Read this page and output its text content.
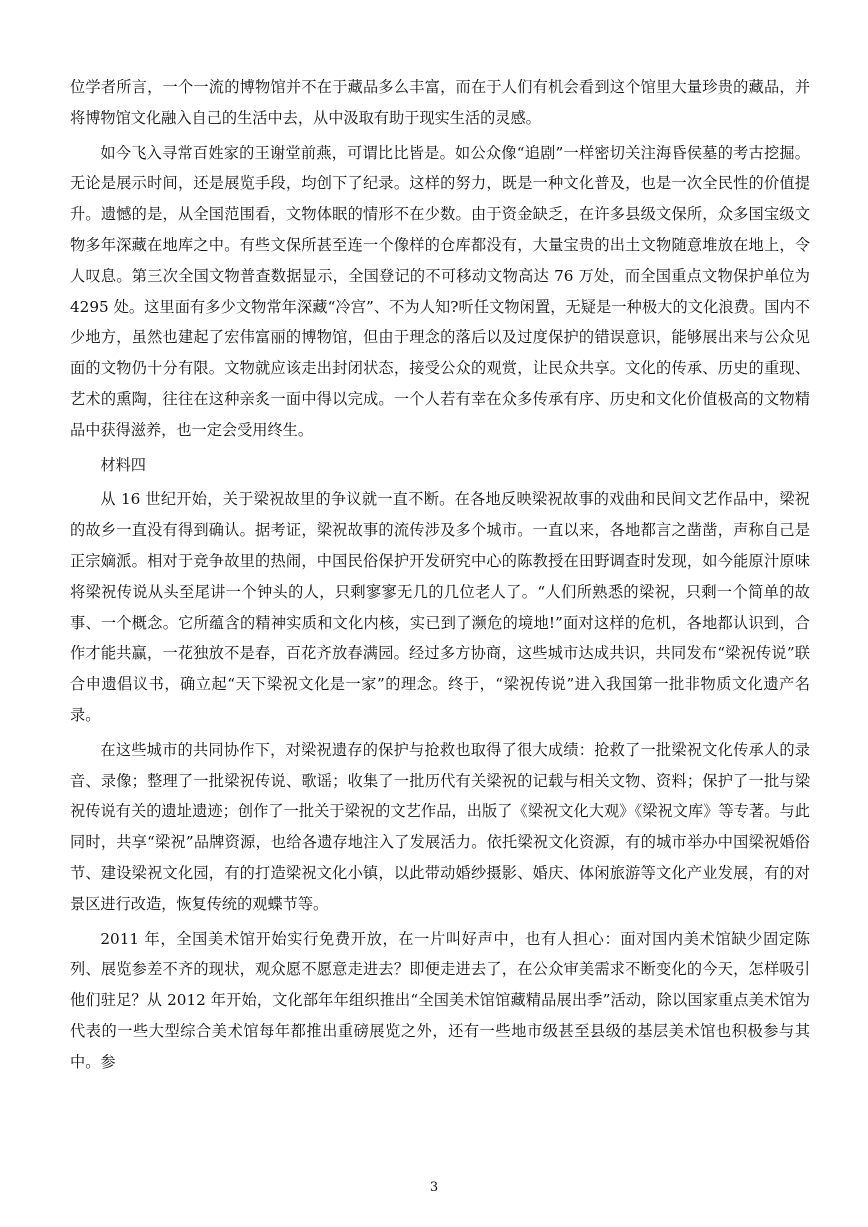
位学者所言，一个一流的博物馆并不在于藏品多么丰富，而在于人们有机会看到这个馆里大量珍贵的藏品，并将博物馆文化融入自己的生活中去，从中汲取有助于现实生活的灵感。

如今飞入寻常百姓家的王谢堂前燕，可谓比比皆是。如公众像“追剧”一样密切关注海昏侯墓的考古挖掘。无论是展示时间，还是展览手段，均创下了纪录。这样的努力，既是一种文化普及，也是一次全民性的价值提升。遗憾的是，从全国范围看，文物体眠的情形不在少数。由于资金缺乏，在许多县级文保所，众多国宝级文物多年深藏在地库之中。有些文保所甚至连一个像样的仓库都没有，大量宝贵的出土文物随意堆放在地上，令人叹息。第三次全国文物普查数据显示，全国登记的不可移动文物高达 76 万处，而全国重点文物保护单位为 4295 处。这里面有多少文物常年深藏“冷宫”、不为人知?听任文物闲置，无疑是一种极大的文化浪费。国内不少地方，虽然也建起了宏伟富丽的博物馆，但由于理念的落后以及过度保护的错误意识，能够展出来与公众见面的文物仍十分有限。文物就应该走出封闭状态，接受公众的观赏，让民众共享。文化的传承、历史的重现、艺术的熏陶，往往在这种亲炙一面中得以完成。一个人若有幸在众多传承有序、历史和文化价值极高的文物精品中获得滋养，也一定会受用终生。

材料四

从 16 世纪开始，关于梁祝故里的争议就一直不断。在各地反映梁祝故事的戏曲和民间文艺作品中，梁祝的故乡一直没有得到确认。据考证，梁祝故事的流传涉及多个城市。一直以来，各地都言之凿凿，声称自己是正宗嫡派。相对于竞争故里的热闹，中国民俗保护开发研究中心的陈教授在田野调查时发现，如今能原汁原味将梁祝传说从头至尾讲一个钟头的人，只剩寥寥无几的几位老人了。“人们所熟悉的梁祝，只剩一个简单的故事、一个概念。它所蕴含的精神实质和文化内核，实已到了濒危的境地!”面对这样的危机，各地都认识到，合作才能共赢，一花独放不是春，百花齐放春满园。经过多方协商，这些城市达成共识，共同发布“梁祝传说”联合申遗倡议书，确立起“天下梁祝文化是一家”的理念。终于，“梁祝传说”进入我国第一批非物质文化遗产名录。

在这些城市的共同协作下，对梁祝遗存的保护与抢救也取得了很大成绩：抢救了一批梁祝文化传承人的录音、录像；整理了一批梁祝传说、歌谣；收集了一批历代有关梁祝的记载与相关文物、资料；保护了一批与梁祝传说有关的遗址遗迹；创作了一批关于梁祝的文艺作品，出版了《梁祝文化大观》《梁祝文库》等专著。与此同时，共享“梁祝”品牌资源，也给各遗存地注入了发展活力。依托梁祝文化资源，有的城市举办中国梁祝婚俗节、建设梁祝文化园，有的打造梁祝文化小镇，以此带动婚纱摄影、婚庆、体闲旅游等文化产业发展，有的对景区进行改造，恢复传统的观蝶节等。

2011 年，全国美术馆开始实行免费开放，在一片叫好声中，也有人担心：面对国内美术馆缺少固定陈列、展览参差不齐的现状，观众愿不愿意走进去？即便走进去了，在公众审美需求不断变化的今天，怎样吸引他们驻足？从 2012 年开始，文化部年年组织推出“全国美术馆馆藏精品展出季”活动，除以国家重点美术馆为代表的一些大型综合美术馆每年都推出重磅展览之外，还有一些地市级甚至县级的基层美术馆也积极参与其中。参

3
